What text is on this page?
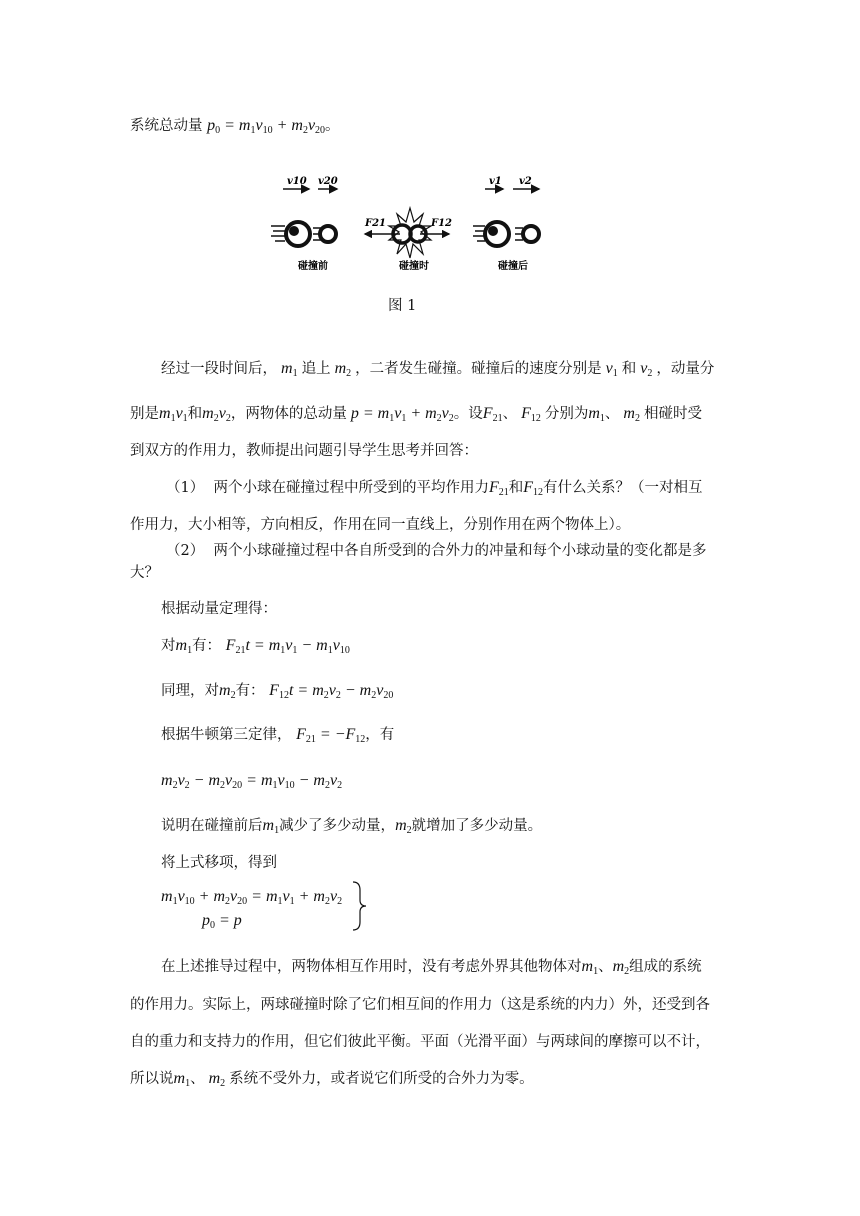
系统总动量 $p_0 = m_1v_{10} + m_2v_{20}$。
v10 v20
碰撞前
F21	F12
碰撞时
v1 v2
碰撞后
图 1
经过一段时间后， $m_1$ 追上 $m_2$ ，二者发生碰撞。碰撞后的速度分别是 $v_1$ 和 $v_2$ ，动量分
别是$m_1v_1$和$m_2v_2$，两物体的总动量 $p = m_1v_1 + m_2v_2$。设$F_{21}$、 $F_{12}$ 分别为$m_1$、 $m_2$ 相碰时受
到双方的作用力，教师提出问题引导学生思考并回答：
（1） 两个小球在碰撞过程中所受到的平均作用力$F_{21}$和$F_{12}$有什么关系？（一对相互
作用力，大小相等，方向相反，作用在同一直线上，分别作用在两个物体上）。
（2） 两个小球碰撞过程中各自所受到的合外力的冲量和每个小球动量的变化都是多
大？
根据动量定理得：
对$m_1$有： $F_{21}t = m_1v_1 - m_1v_{10}$
同理，对$m_2$有： $F_{12}t = m_2v_2 - m_2v_{20}$
根据牛顿第三定律， $F_{21} = -F_{12}$，有
$m_2v_2 - m_2v_{20} = m_1v_{10} - m_2v_2$
说明在碰撞前后$m_1$减少了多少动量，$m_2$就增加了多少动量。
将上式移项，得到
$m_1v_{10} + m_2v_{20} = m_1v_1 + m_2v_2$
$p_0 = p$
在上述推导过程中，两物体相互作用时，没有考虑外界其他物体对$m_1$、$m_2$组成的系统
的作用力。实际上，两球碰撞时除了它们相互间的作用力（这是系统的内力）外，还受到各
自的重力和支持力的作用，但它们彼此平衡。平面（光滑平面）与两球间的摩擦可以不计，
所以说$m_1$、 $m_2$ 系统不受外力，或者说它们所受的合外力为零。
